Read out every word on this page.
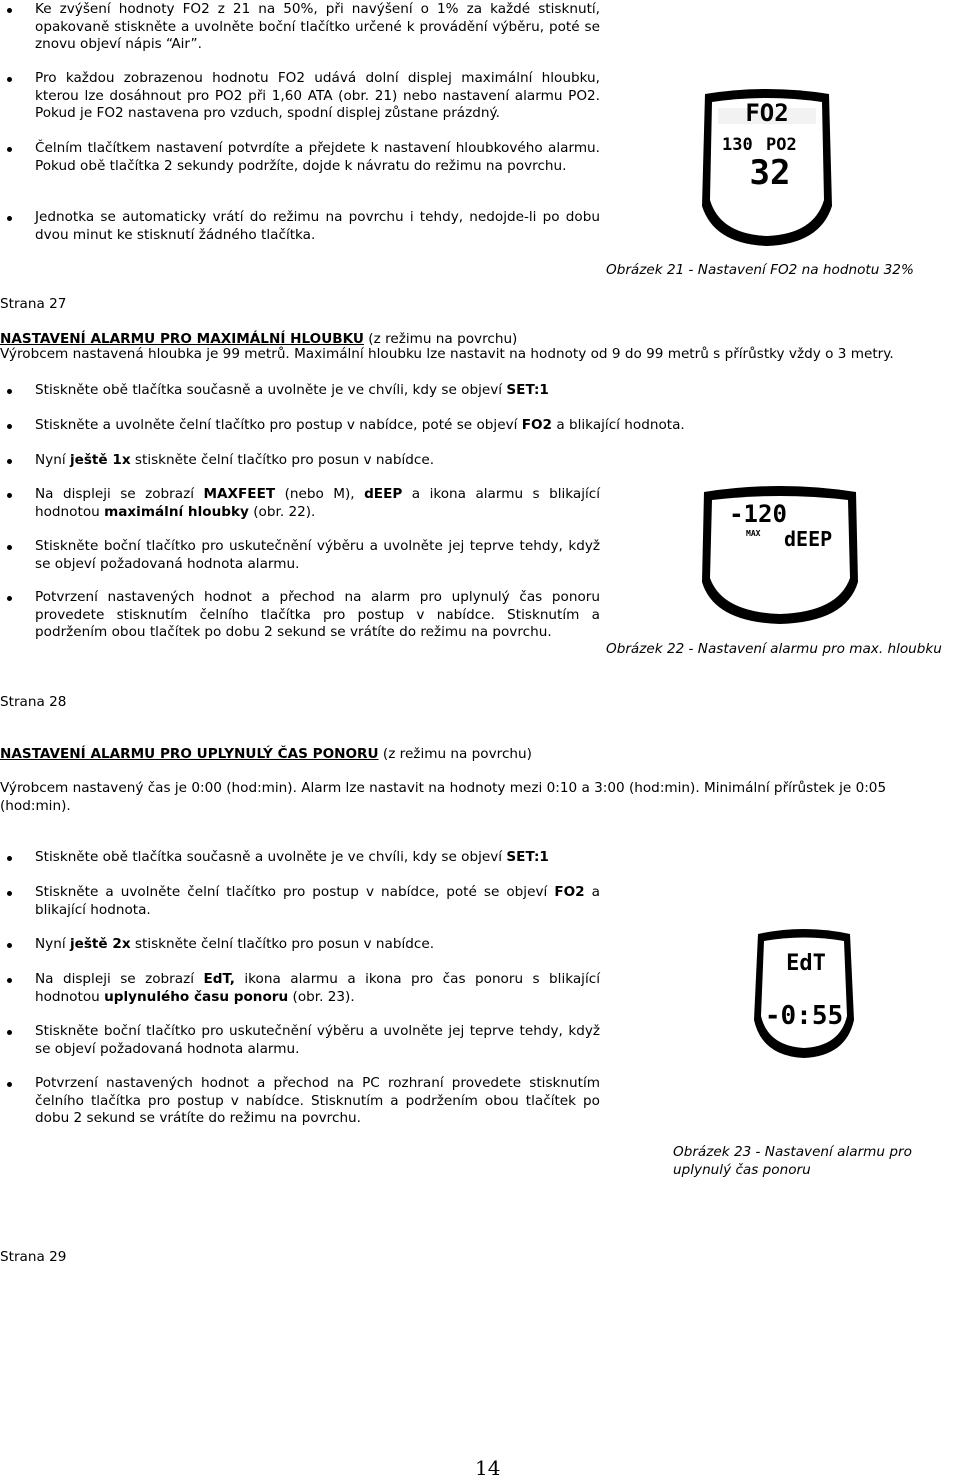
Ke zvýšení hodnoty FO2 z 21 na 50%, při navýšení o 1% za každé stisknutí, opakovaně stiskněte a uvolněte boční tlačítko určené k provádění výběru, poté se znovu objeví nápis “Air”.
Pro každou zobrazenou hodnotu FO2 udává dolní displej maximální hloubku, kterou lze dosáhnout pro PO2 při 1,60 ATA (obr. 21) nebo nastavení alarmu PO2. Pokud je FO2 nastavena pro vzduch, spodní displej zůstane prázdný.
Čelním tlačítkem nastavení potvrdíte a přejdete k nastavení hloubkového alarmu. Pokud obě tlačítka 2 sekundy podržíte, dojde k návratu do režimu na povrchu.
Jednotka se automaticky vrátí do režimu na povrchu i tehdy, nedojde-li po dobu dvou minut ke stisknutí žádného tlačítka.
FO2
130 PO2
32
Obrázek 21 - Nastavení FO2 na hodnotu 32%
Strana 27
NASTAVENÍ ALARMU PRO MAXIMÁLNÍ HLOUBKU (z režimu na povrchu)
Výrobcem nastavená hloubka je 99 metrů. Maximální hloubku lze nastavit na hodnoty od 9 do 99 metrů s přírůstky vždy o 3 metry.
Stiskněte obě tlačítka současně a uvolněte je ve chvíli, kdy se objeví SET:1
Stiskněte a uvolněte čelní tlačítko pro postup v nabídce, poté se objeví FO2 a blikající hodnota.
Nyní ještě 1x stiskněte čelní tlačítko pro posun v nabídce.
Na displeji se zobrazí MAXFEET (nebo M), dEEP a ikona alarmu s blikající hodnotou maximální hloubky (obr. 22).
Stiskněte boční tlačítko pro uskutečnění výběru a uvolněte jej teprve tehdy, když se objeví požadovaná hodnota alarmu.
Potvrzení nastavených hodnot a přechod na alarm pro uplynulý čas ponoru provedete stisknutím čelního tlačítka pro postup v nabídce. Stisknutím a podržením obou tlačítek po dobu 2 sekund se vrátíte do režimu na povrchu.
-120
MAX dEEP
Obrázek 22 - Nastavení alarmu pro max. hloubku
Strana 28
NASTAVENÍ ALARMU PRO UPLYNULÝ ČAS PONORU (z režimu na povrchu)
Výrobcem nastavený čas je 0:00 (hod:min). Alarm lze nastavit na hodnoty mezi 0:10 a 3:00 (hod:min). Minimální přírůstek je 0:05 (hod:min).
Stiskněte obě tlačítka současně a uvolněte je ve chvíli, kdy se objeví SET:1
Stiskněte a uvolněte čelní tlačítko pro postup v nabídce, poté se objeví FO2 a blikající hodnota.
Nyní ještě 2x stiskněte čelní tlačítko pro posun v nabídce.
Na displeji se zobrazí EdT, ikona alarmu a ikona pro čas ponoru s blikající hodnotou uplynulého času ponoru (obr. 23).
Stiskněte boční tlačítko pro uskutečnění výběru a uvolněte jej teprve tehdy, když se objeví požadovaná hodnota alarmu.
Potvrzení nastavených hodnot a přechod na PC rozhraní provedete stisknutím čelního tlačítka pro postup v nabídce. Stisknutím a podržením obou tlačítek po dobu 2 sekund se vrátíte do režimu na povrchu.
EdT
-0:55
Obrázek 23 - Nastavení alarmu pro uplynulý čas ponoru
Strana 29
14
